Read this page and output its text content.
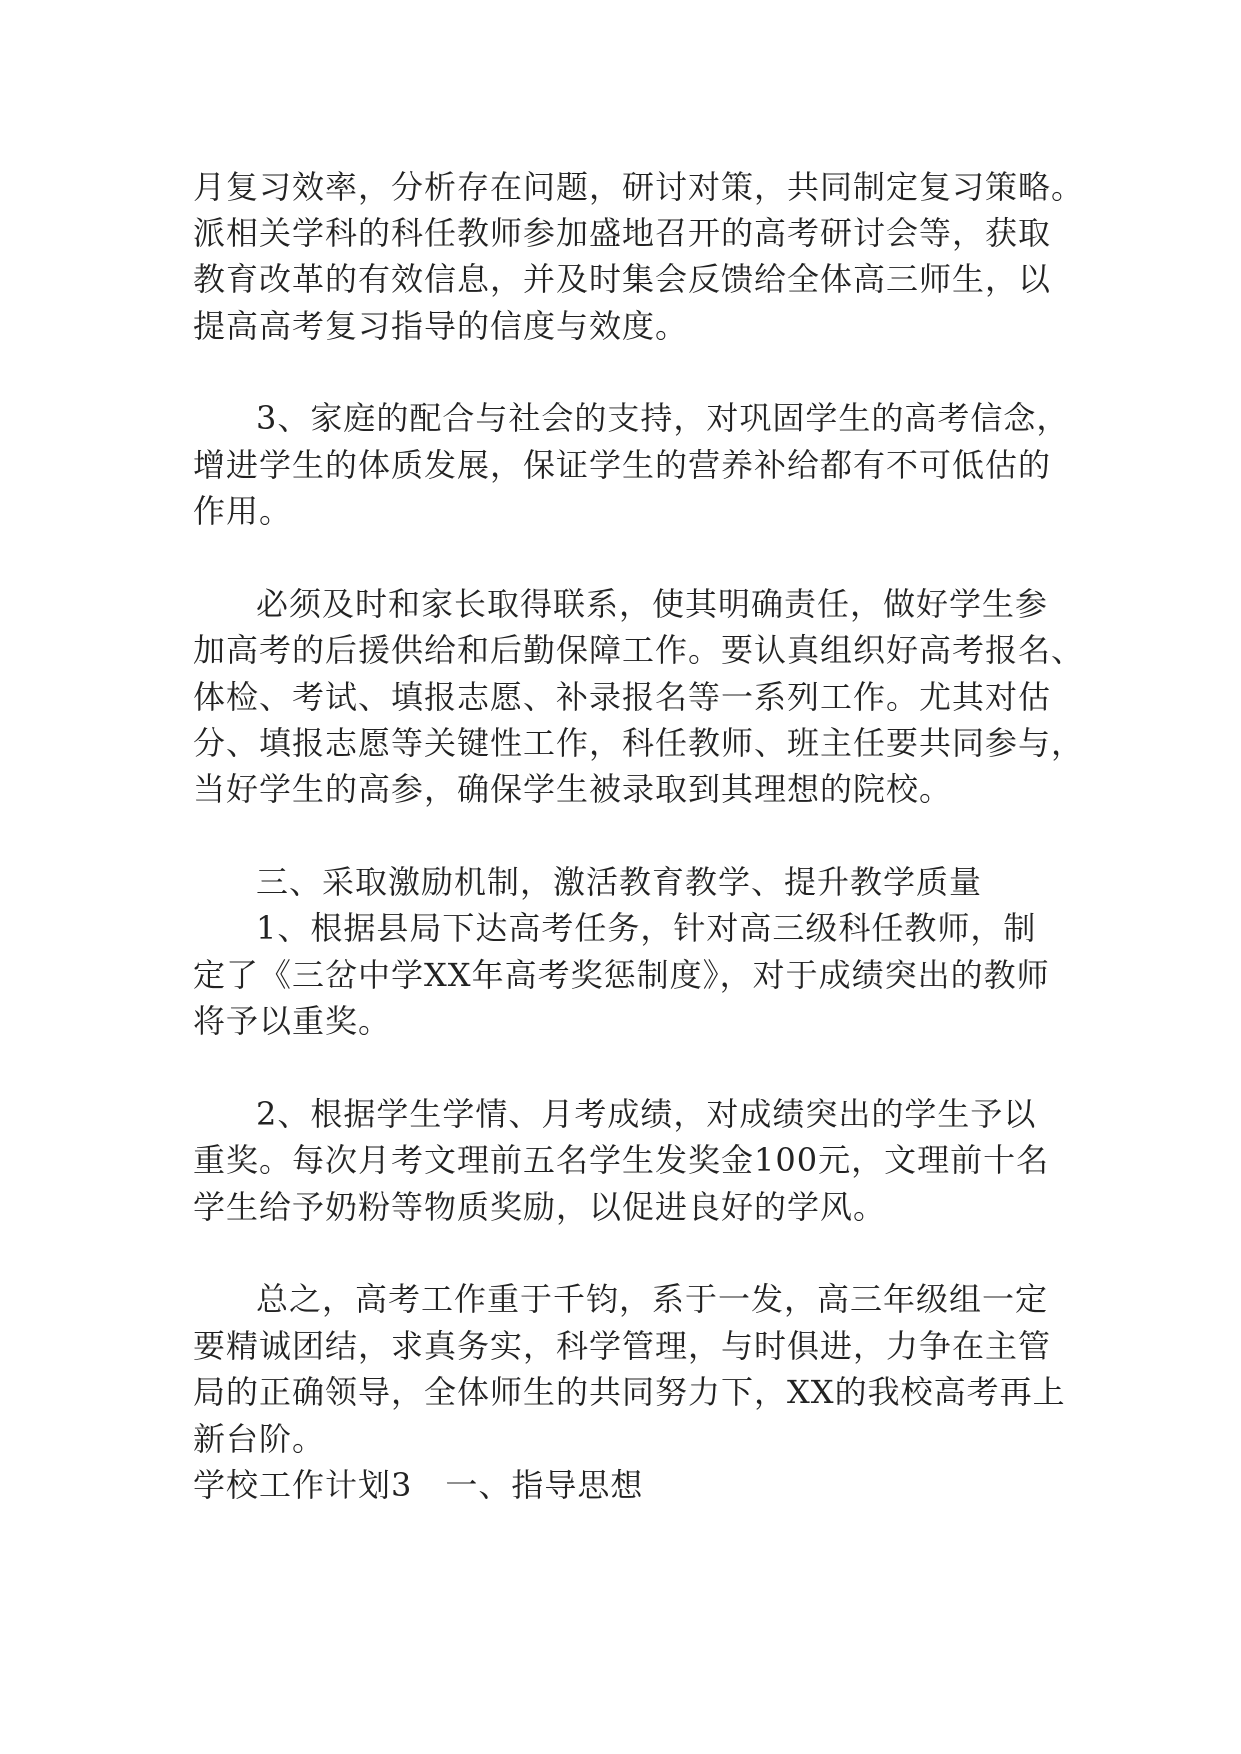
月复习效率，分析存在问题，研讨对策，共同制定复习策略。
派相关学科的科任教师参加盛地召开的高考研讨会等，获取
教育改革的有效信息，并及时集会反馈给全体高三师生，以
提高高考复习指导的信度与效度。
3、家庭的配合与社会的支持，对巩固学生的高考信念，
增进学生的体质发展，保证学生的营养补给都有不可低估的
作用。
必须及时和家长取得联系，使其明确责任，做好学生参
加高考的后援供给和后勤保障工作。要认真组织好高考报名、
体检、考试、填报志愿、补录报名等一系列工作。尤其对估
分、填报志愿等关键性工作，科任教师、班主任要共同参与，
当好学生的高参，确保学生被录取到其理想的院校。
三、采取激励机制，激活教育教学、提升教学质量
1、根据县局下达高考任务，针对高三级科任教师，制
定了《三岔中学XX年高考奖惩制度》，对于成绩突出的教师
将予以重奖。
2、根据学生学情、月考成绩，对成绩突出的学生予以
重奖。每次月考文理前五名学生发奖金100元，文理前十名
学生给予奶粉等物质奖励，以促进良好的学风。
总之，高考工作重于千钧，系于一发，高三年级组一定
要精诚团结，求真务实，科学管理，与时俱进，力争在主管
局的正确领导，全体师生的共同努力下，XX的我校高考再上
新台阶。
学校工作计划3　一、指导思想
